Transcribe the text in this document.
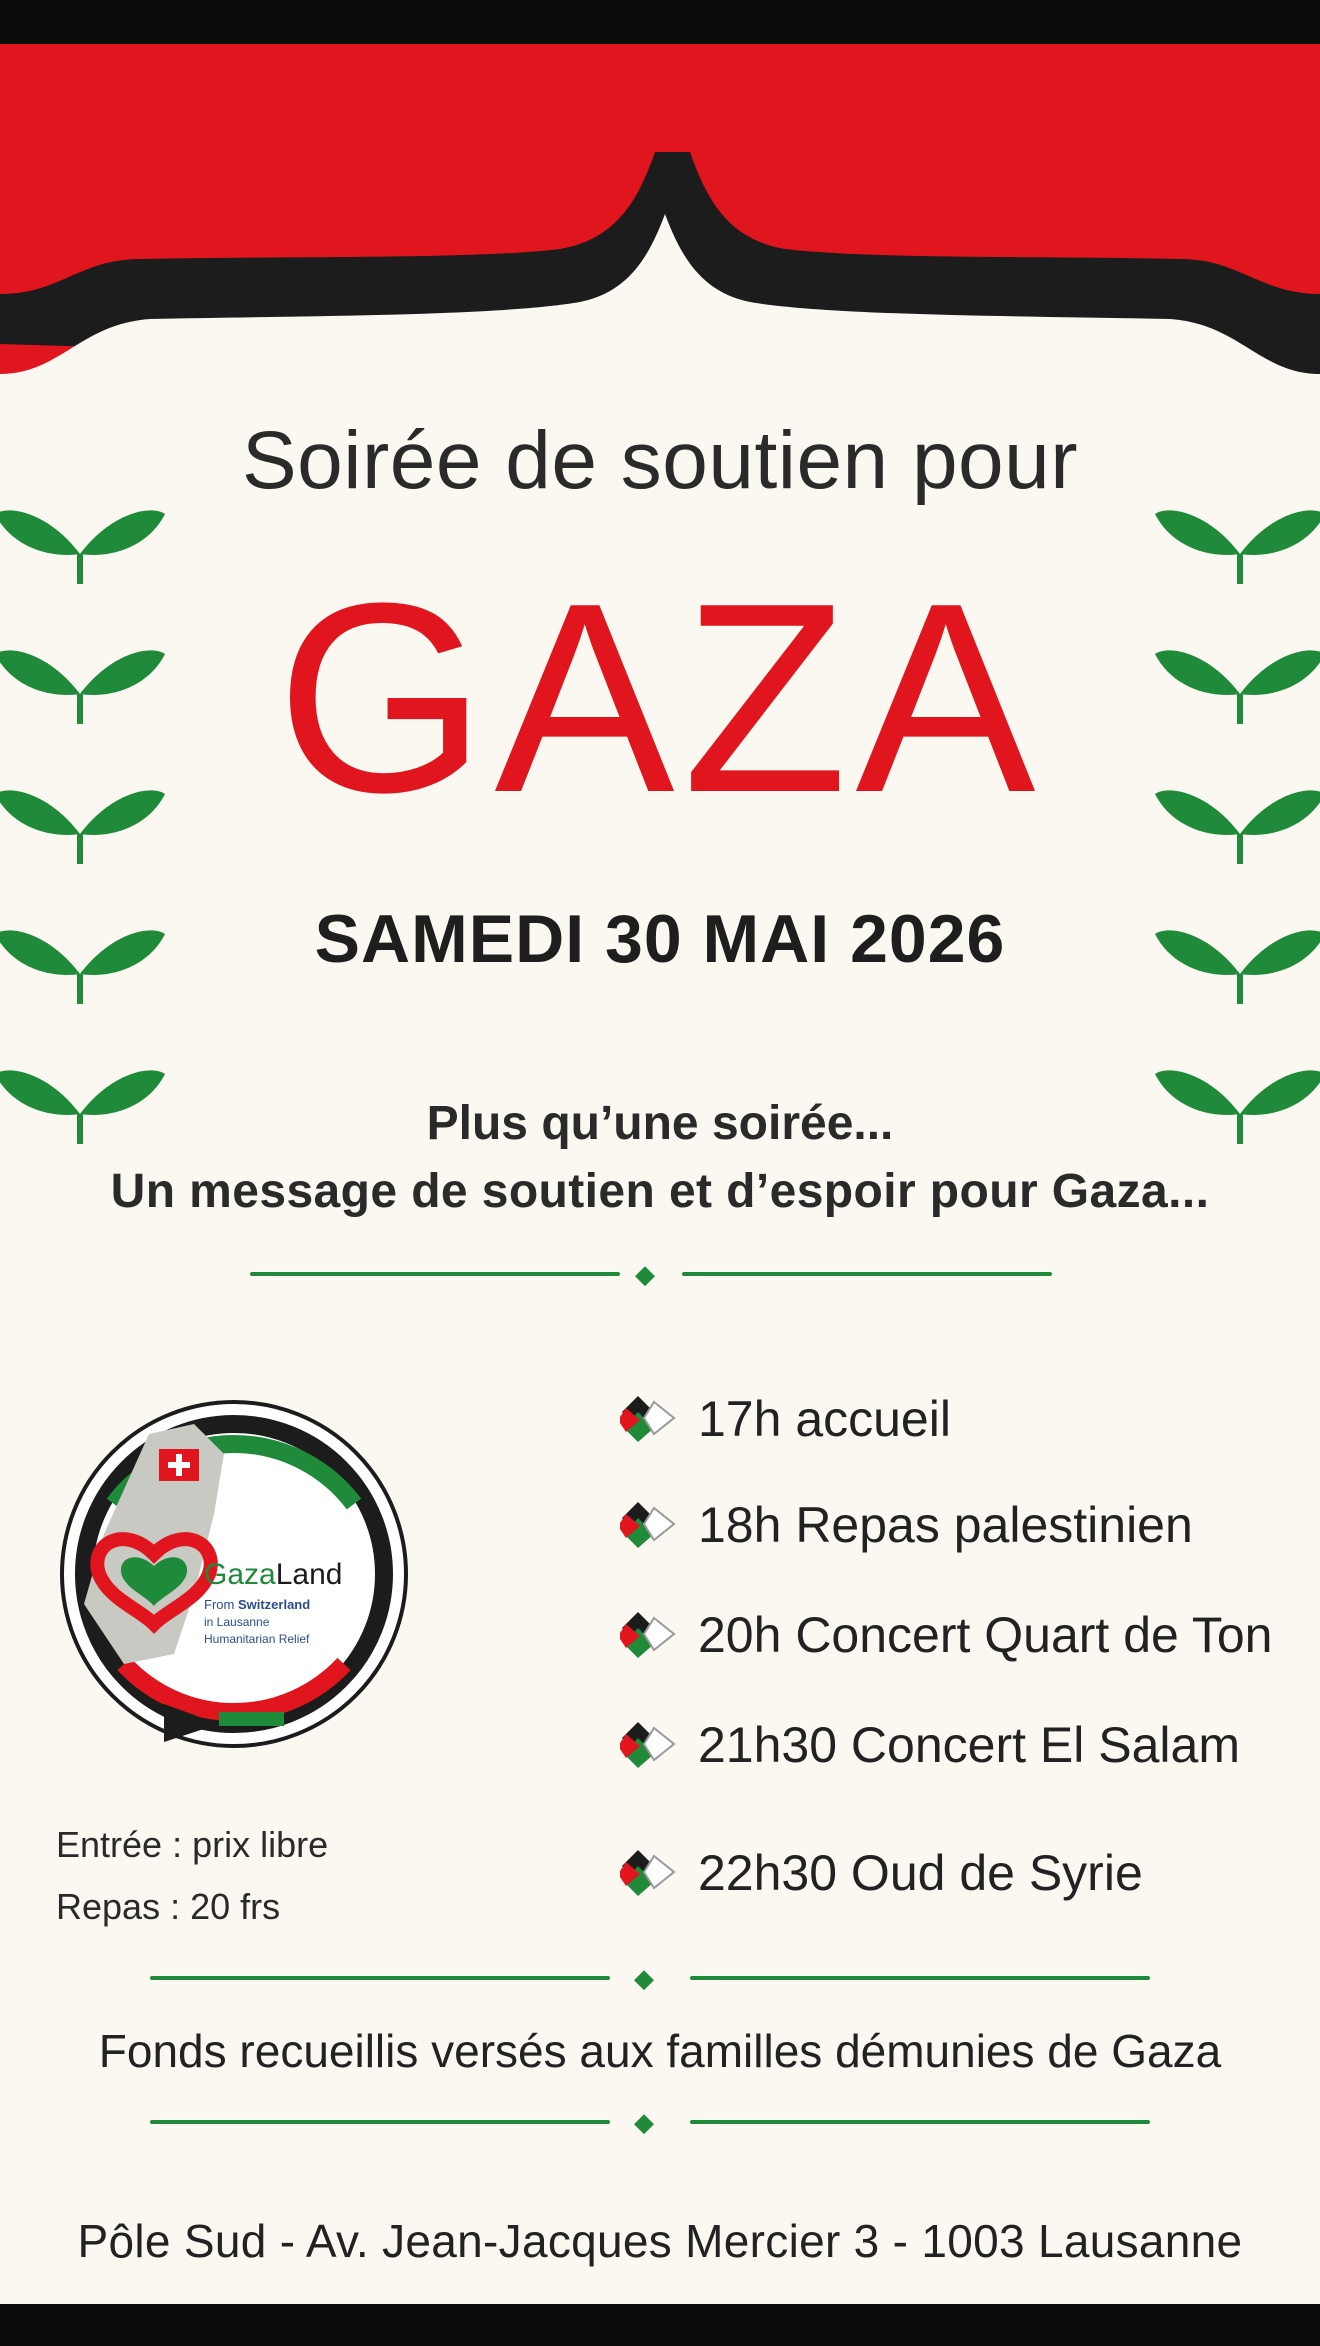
Soirée de soutien pour
GAZA
SAMEDI 30 MAI 2026
Plus qu’une soirée...
Un message de soutien et d’espoir pour Gaza...
◆
GazaLand
From Switzerland
in Lausanne
Humanitarian Relief
17h accueil
18h Repas palestinien
20h Concert Quart de Ton
21h30 Concert El Salam
22h30 Oud de Syrie
Entrée : prix libre
Repas : 20 frs
◆
Fonds recueillis versés aux familles démunies de Gaza
◆
Pôle Sud - Av. Jean-Jacques Mercier 3 - 1003 Lausanne
